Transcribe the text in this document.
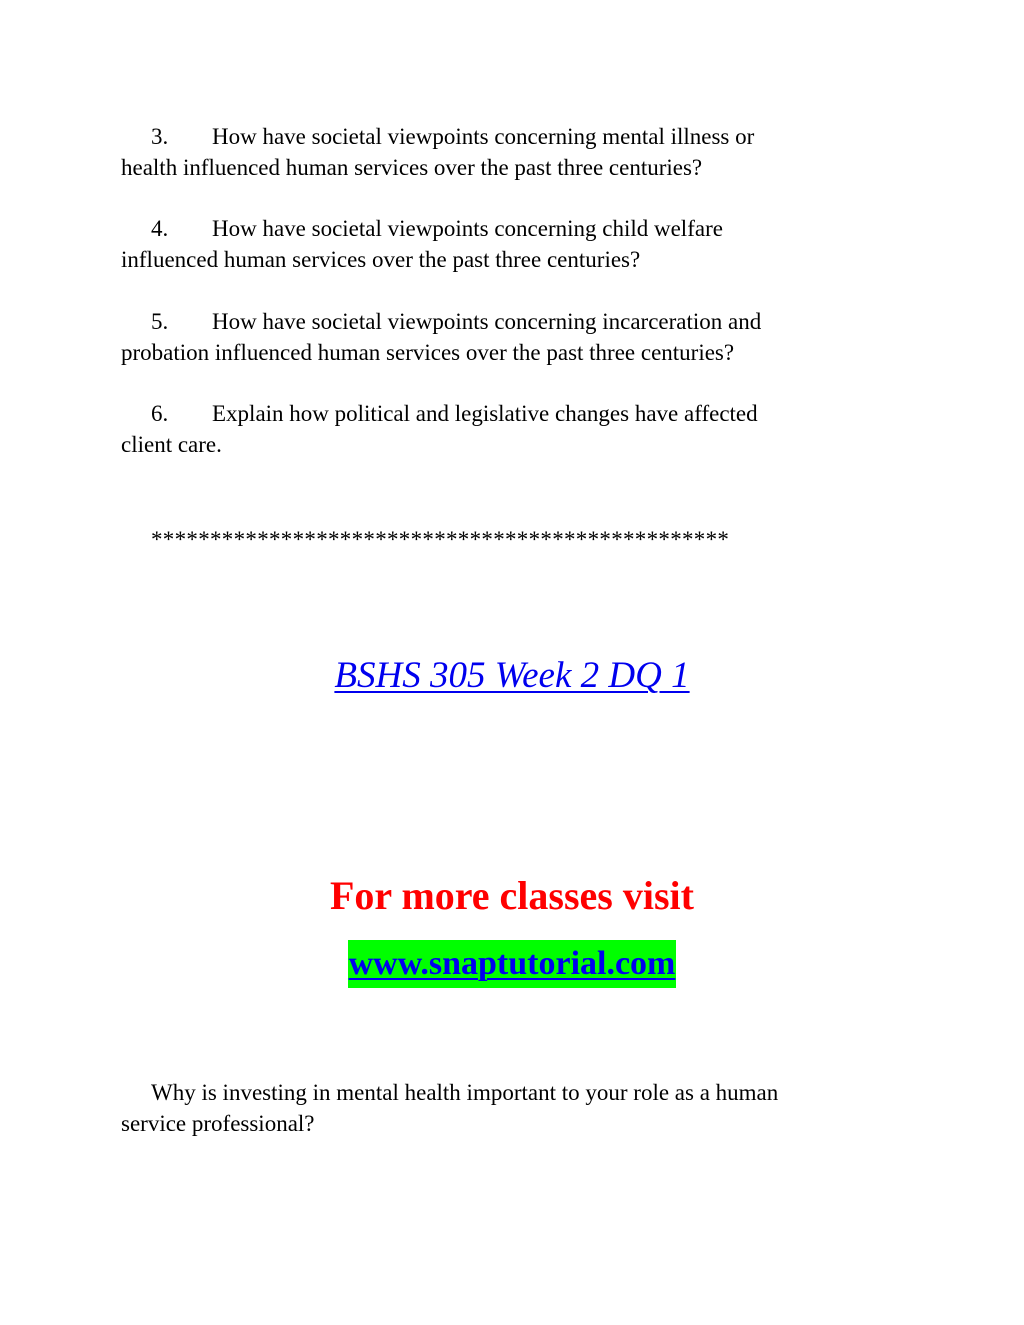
3. How have societal viewpoints concerning mental illness or
health influenced human services over the past three centuries?

4. How have societal viewpoints concerning child welfare
influenced human services over the past three centuries?

5. How have societal viewpoints concerning incarceration and
probation influenced human services over the past three centuries?

6. Explain how political and legislative changes have affected
client care.

*************************************************

BSHS 305 Week 2 DQ 1

For more classes visit

www.snaptutorial.com

Why is investing in mental health important to your role as a human
service professional?
